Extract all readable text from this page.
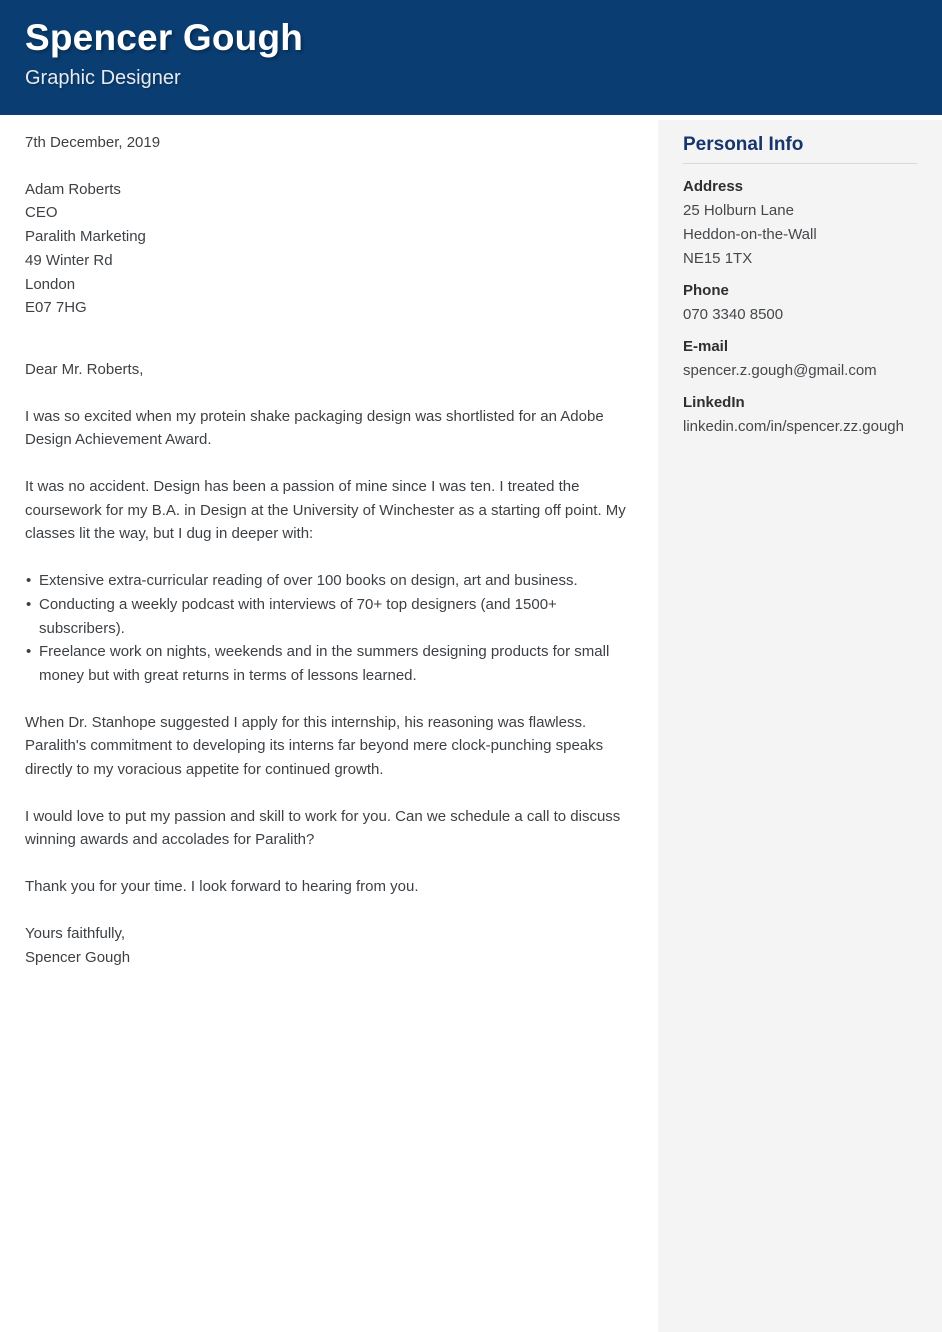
Spencer Gough
Graphic Designer

7th December, 2019

Adam Roberts

CEO

Paralith Marketing

49 Winter Rd

London

E07 7HG

Dear Mr. Roberts,

I was so excited when my protein shake packaging design was shortlisted for an Adobe Design Achievement Award.

It was no accident. Design has been a passion of mine since I was ten. I treated the coursework for my B.A. in Design at the University of Winchester as a starting off point. My classes lit the way, but I dug in deeper with:

• Extensive extra-curricular reading of over 100 books on design, art and business.
• Conducting a weekly podcast with interviews of 70+ top designers (and 1500+ subscribers).
• Freelance work on nights, weekends and in the summers designing products for small money but with great returns in terms of lessons learned.

When Dr. Stanhope suggested I apply for this internship, his reasoning was flawless. Paralith's commitment to developing its interns far beyond mere clock-punching speaks directly to my voracious appetite for continued growth.

I would love to put my passion and skill to work for you. Can we schedule a call to discuss winning awards and accolades for Paralith?

Thank you for your time. I look forward to hearing from you.

Yours faithfully,

Spencer Gough

Personal Info

Address

25 Holburn Lane

Heddon-on-the-Wall

NE15 1TX

Phone

070 3340 8500

E-mail

spencer.z.gough@gmail.com

LinkedIn

linkedin.com/in/spencer.zz.gough
